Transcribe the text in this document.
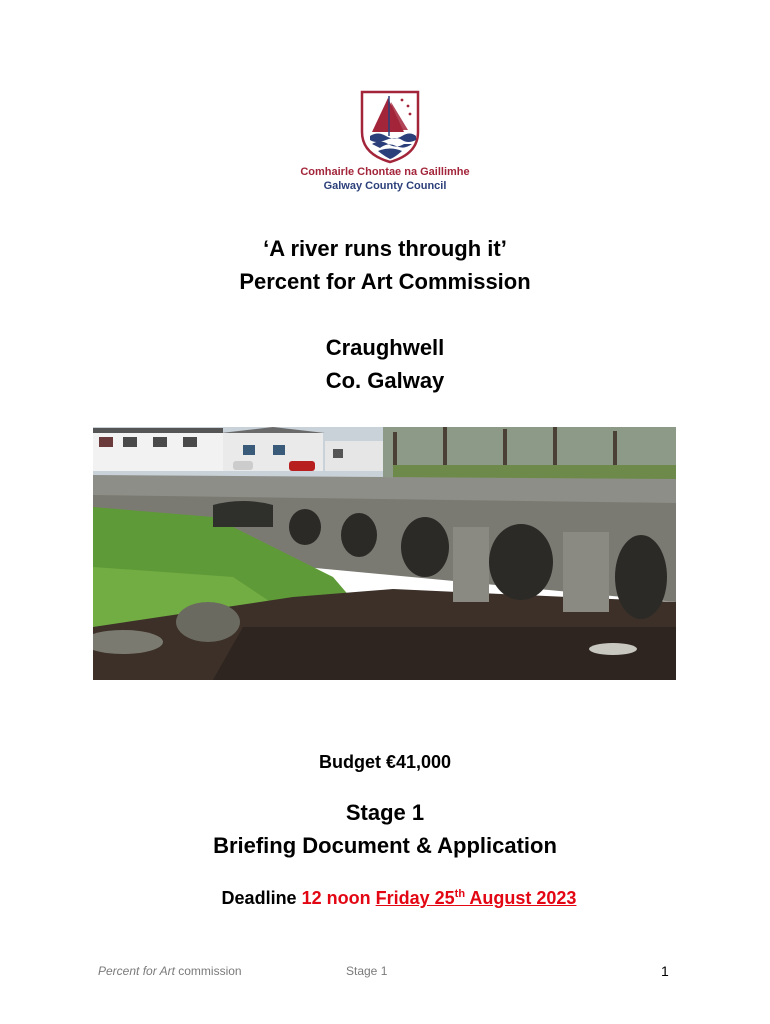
Comhairle Chontae na Gaillimhe
Galway County Council
‘A river runs through it’
Percent for Art Commission
Craughwell
Co. Galway
Budget €41,000
Stage 1
Briefing Document & Application
Deadline 12 noon Friday 25th August 2023
Percent for Art commission	Stage 1	1
